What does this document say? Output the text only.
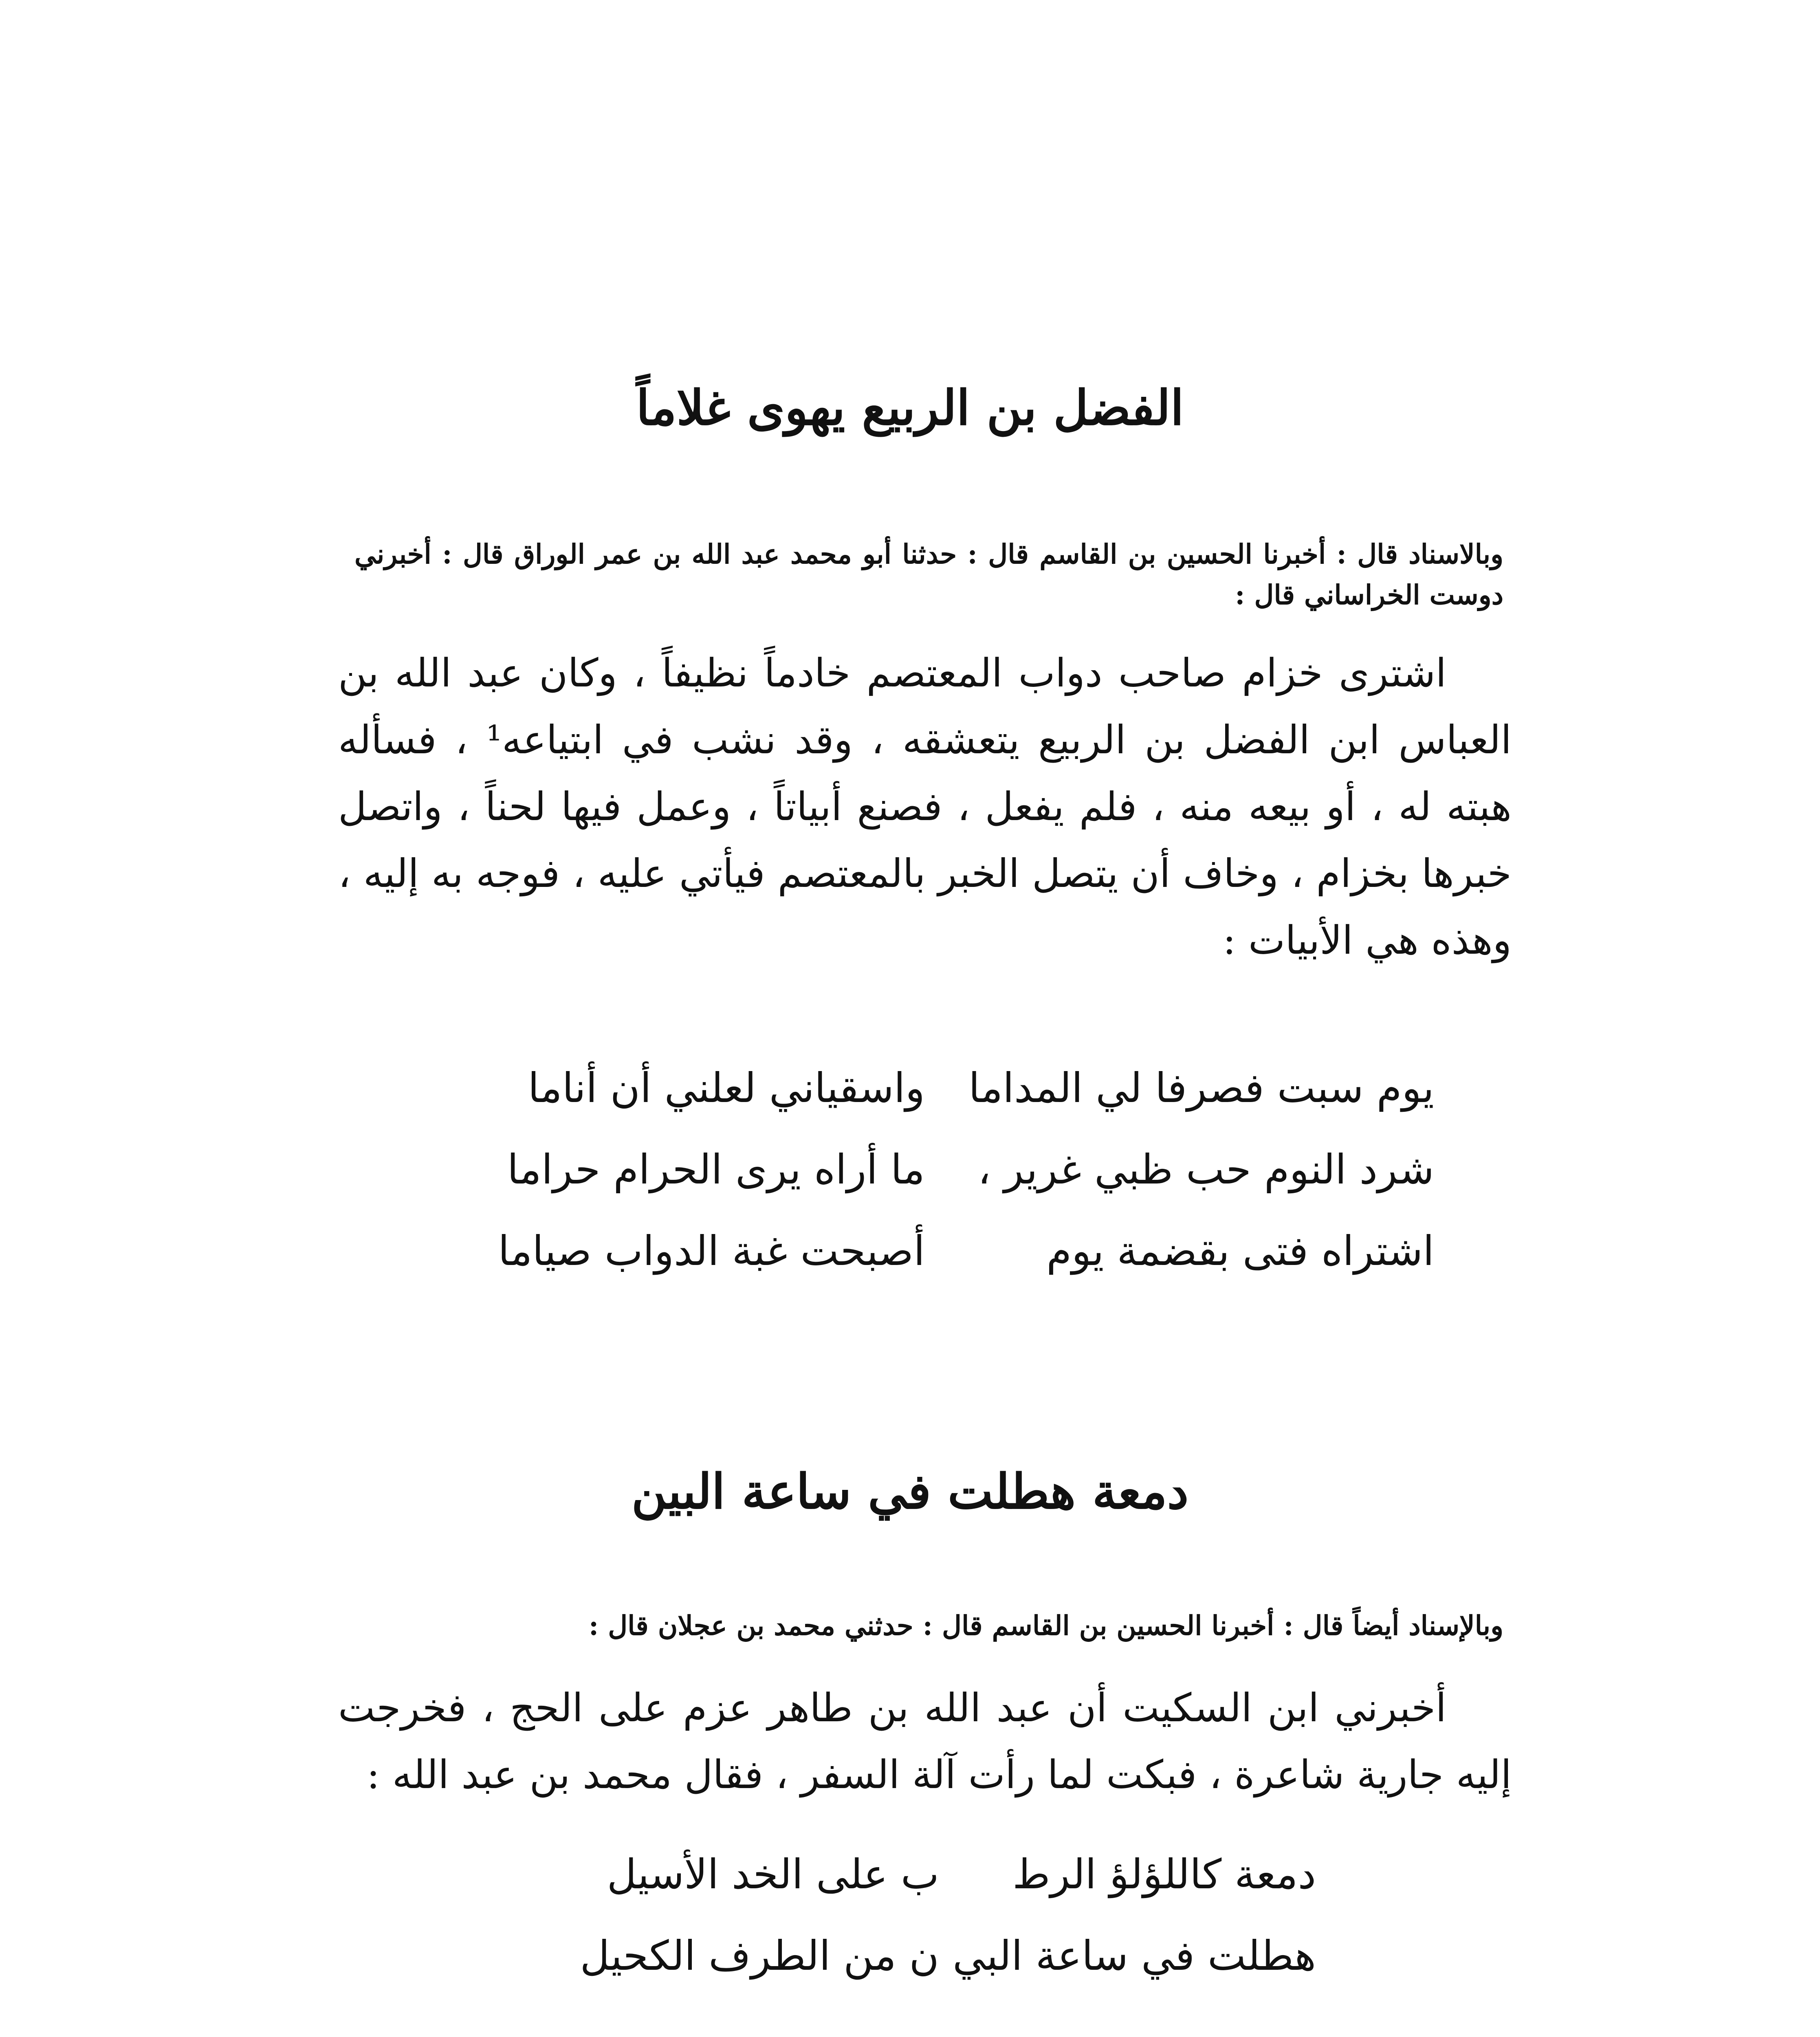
الفضل بن الربيع يهوى غلاماً

وبالاسناد قال : أخبرنا الحسين بن القاسم قال : حدثنا أبو محمد عبد الله بن عمر الوراق قال : أخبرني دوست الخراساني قال :

اشترى خزام صاحب دواب المعتصم خادماً نظيفاً ، وكان عبد الله بن العباس ابن الفضل بن الربيع يتعشقه ، وقد نشب في ابتياعه¹ ، فسأله هبته له ، أو بيعه منه ، فلم يفعل ، فصنع أبياتاً ، وعمل فيها لحناً ، واتصل خبرها بخزام ، وخاف أن يتصل الخبر بالمعتصم فيأتي عليه ، فوجه به إليه ، وهذه هي الأبيات :

يوم سبت فصرفا لي المداما
واسقياني لعلني أن أناما
شرد النوم حب ظبي غرير ،
ما أراه يرى الحرام حراما
اشتراه فتى بقضمة يوم
أصبحت غبة الدواب صياما
دمعة هطلت في ساعة البين

وبالإسناد أيضاً قال : أخبرنا الحسين بن القاسم قال : حدثني محمد بن عجلان قال :

أخبرني ابن السكيت أن عبد الله بن طاهر عزم على الحج ، فخرجت إليه جارية شاعرة ، فبكت لما رأت آلة السفر ، فقال محمد بن عبد الله :

دمعة كاللؤلؤ الرط
ب على الخد الأسيل
هطلت في ساعة البي
ن من الطرف الكحيل
